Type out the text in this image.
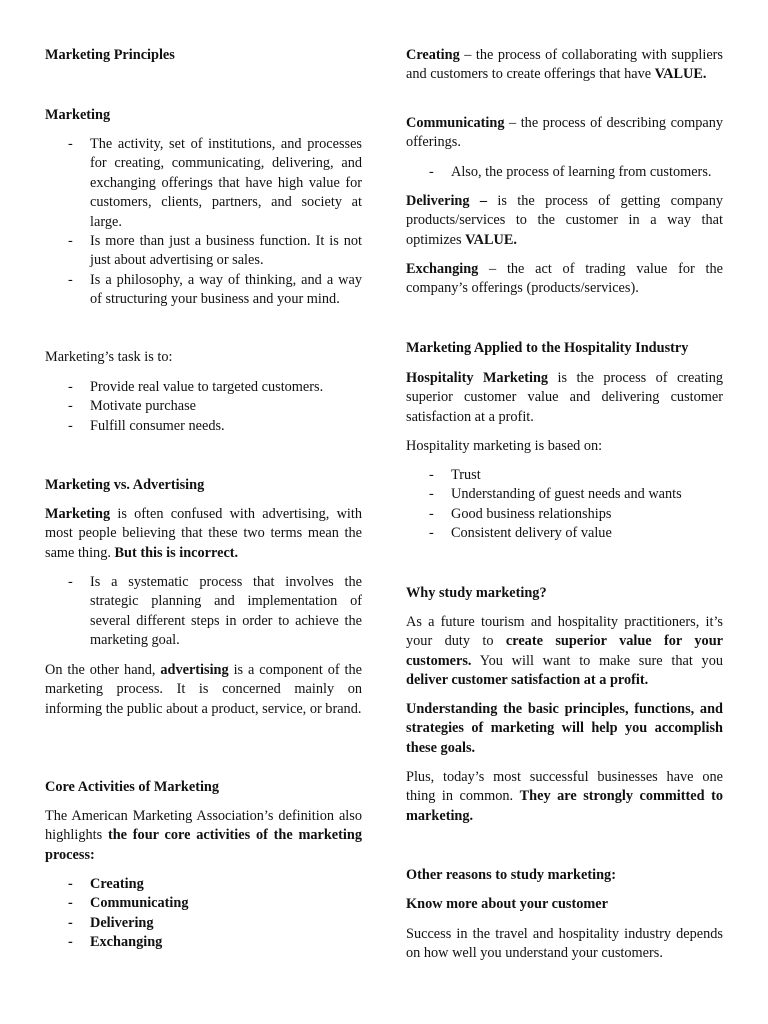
Marketing Principles

Marketing

- The activity, set of institutions, and processes for creating, communicating, delivering, and exchanging offerings that have high value for customers, clients, partners, and society at large.
- Is more than just a business function. It is not just about advertising or sales.
- Is a philosophy, a way of thinking, and a way of structuring your business and your mind.

Marketing’s task is to:

- Provide real value to targeted customers.
- Motivate purchase
- Fulfill consumer needs.

Marketing vs. Advertising

Marketing is often confused with advertising, with most people believing that these two terms mean the same thing. But this is incorrect.

- Is a systematic process that involves the strategic planning and implementation of several different steps in order to achieve the marketing goal.

On the other hand, advertising is a component of the marketing process. It is concerned mainly on informing the public about a product, service, or brand.

Core Activities of Marketing

The American Marketing Association’s definition also highlights the four core activities of the marketing process:

- Creating
- Communicating
- Delivering
- Exchanging

Creating – the process of collaborating with suppliers and customers to create offerings that have VALUE.

Communicating – the process of describing company offerings.

- Also, the process of learning from customers.

Delivering – is the process of getting company products/services to the customer in a way that optimizes VALUE.

Exchanging – the act of trading value for the company’s offerings (products/services).

Marketing Applied to the Hospitality Industry

Hospitality Marketing is the process of creating superior customer value and delivering customer satisfaction at a profit.

Hospitality marketing is based on:

- Trust
- Understanding of guest needs and wants
- Good business relationships
- Consistent delivery of value

Why study marketing?

As a future tourism and hospitality practitioners, it’s your duty to create superior value for your customers. You will want to make sure that you deliver customer satisfaction at a profit.

Understanding the basic principles, functions, and strategies of marketing will help you accomplish these goals.

Plus, today’s most successful businesses have one thing in common. They are strongly committed to marketing.

Other reasons to study marketing:

Know more about your customer

Success in the travel and hospitality industry depends on how well you understand your customers.
